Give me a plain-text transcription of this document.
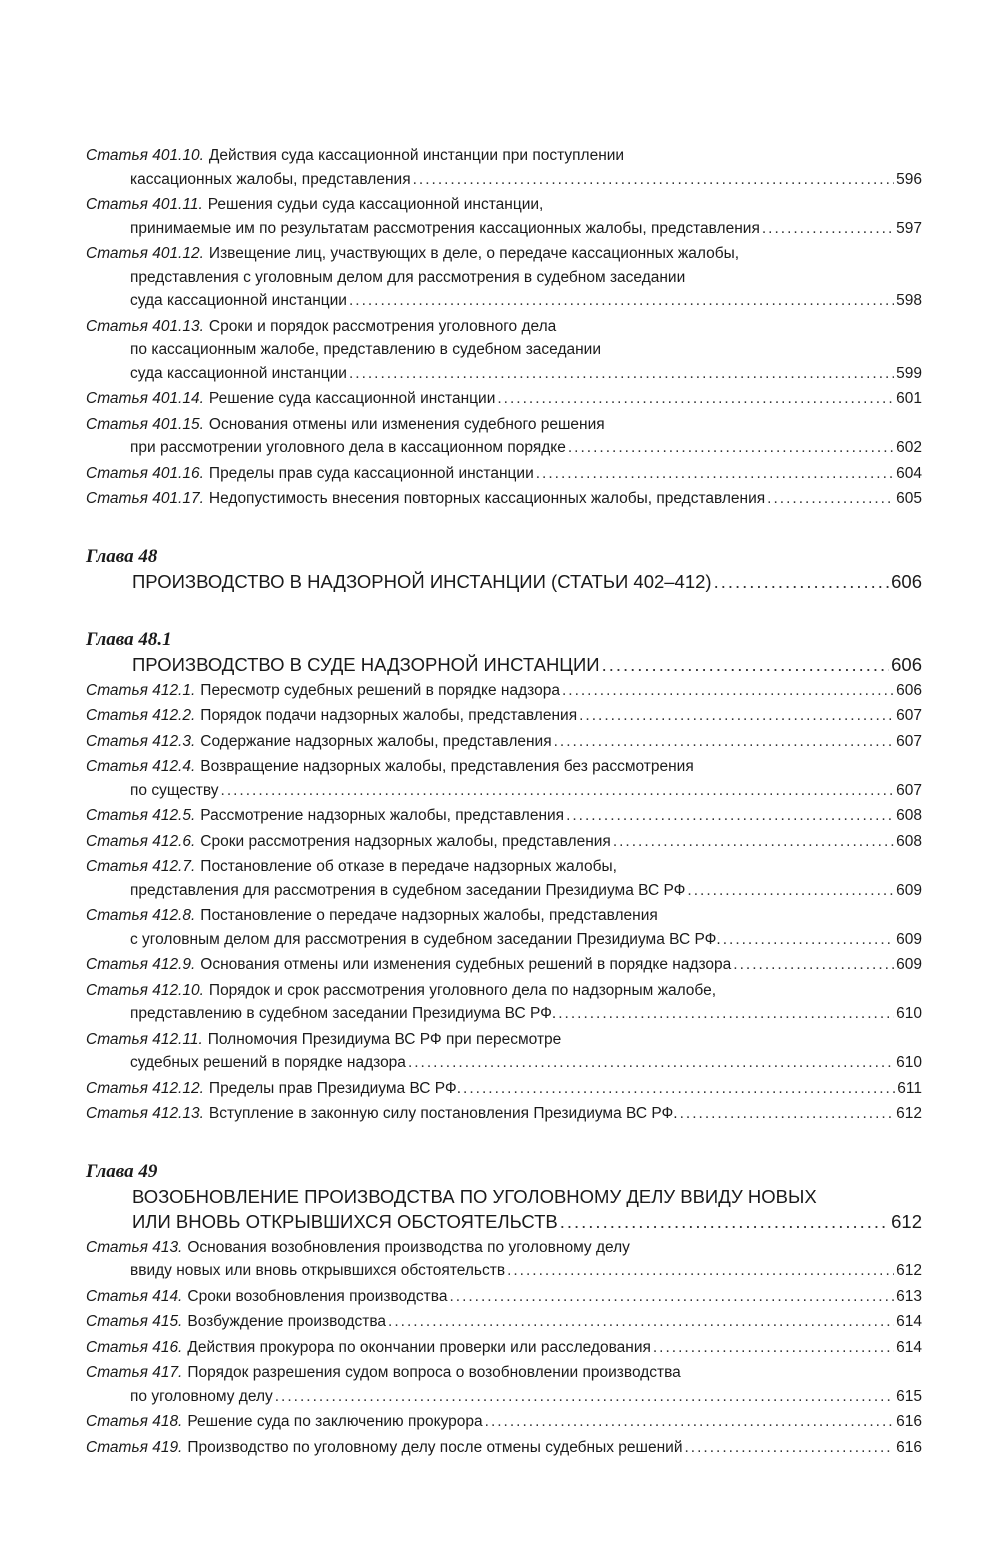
Статья 401.10. Действия суда кассационной инстанции при поступлении
кассационных жалобы, представления .....	596
Статья 401.11. Решения судьи суда кассационной инстанции,
принимаемые им по результатам рассмотрения кассационных жалобы, представления .....	597
Статья 401.12. Извещение лиц, участвующих в деле, о передаче кассационных жалобы,
представления с уголовным делом для рассмотрения в судебном заседании
суда кассационной инстанции .....	598
Статья 401.13. Сроки и порядок рассмотрения уголовного дела
по кассационным жалобе, представлению в судебном заседании
суда кассационной инстанции .....	599
Статья 401.14. Решение суда кассационной инстанции .....	601
Статья 401.15. Основания отмены или изменения судебного решения
при рассмотрении уголовного дела в кассационном порядке .....	602
Статья 401.16. Пределы прав суда кассационной инстанции .....	604
Статья 401.17. Недопустимость внесения повторных кассационных жалобы, представления .....	605
Глава 48
ПРОИЗВОДСТВО В НАДЗОРНОЙ ИНСТАНЦИИ (СТАТЬИ 402–412) .....	606
Глава 48.1
ПРОИЗВОДСТВО В СУДЕ НАДЗОРНОЙ ИНСТАНЦИИ .....	606
Статья 412.1. Пересмотр судебных решений в порядке надзора .....	606
Статья 412.2. Порядок подачи надзорных жалобы, представления .....	607
Статья 412.3. Содержание надзорных жалобы, представления .....	607
Статья 412.4. Возвращение надзорных жалобы, представления без рассмотрения
по существу .....	607
Статья 412.5. Рассмотрение надзорных жалобы, представления .....	608
Статья 412.6. Сроки рассмотрения надзорных жалобы, представления .....	608
Статья 412.7. Постановление об отказе в передаче надзорных жалобы,
представления для рассмотрения в судебном заседании Президиума ВС РФ .....	609
Статья 412.8. Постановление о передаче надзорных жалобы, представления
с уголовным делом для рассмотрения в судебном заседании Президиума ВС РФ. .....	609
Статья 412.9. Основания отмены или изменения судебных решений в порядке надзора .....	609
Статья 412.10. Порядок и срок рассмотрения уголовного дела по надзорным жалобе,
представлению в судебном заседании Президиума ВС РФ. .....	610
Статья 412.11. Полномочия Президиума ВС РФ при пересмотре
судебных решений в порядке надзора .....	610
Статья 412.12. Пределы прав Президиума ВС РФ. .....	611
Статья 412.13. Вступление в законную силу постановления Президиума ВС РФ. .....	612
Глава 49
ВОЗОБНОВЛЕНИЕ ПРОИЗВОДСТВА ПО УГОЛОВНОМУ ДЕЛУ ВВИДУ НОВЫХ
ИЛИ ВНОВЬ ОТКРЫВШИХСЯ ОБСТОЯТЕЛЬСТВ .....	612
Статья 413. Основания возобновления производства по уголовному делу
ввиду новых или вновь открывшихся обстоятельств .....	612
Статья 414. Сроки возобновления производства .....	613
Статья 415. Возбуждение производства .....	614
Статья 416. Действия прокурора по окончании проверки или расследования .....	614
Статья 417. Порядок разрешения судом вопроса о возобновлении производства
по уголовному делу .....	615
Статья 418. Решение суда по заключению прокурора .....	616
Статья 419. Производство по уголовному делу после отмены судебных решений .....	616
